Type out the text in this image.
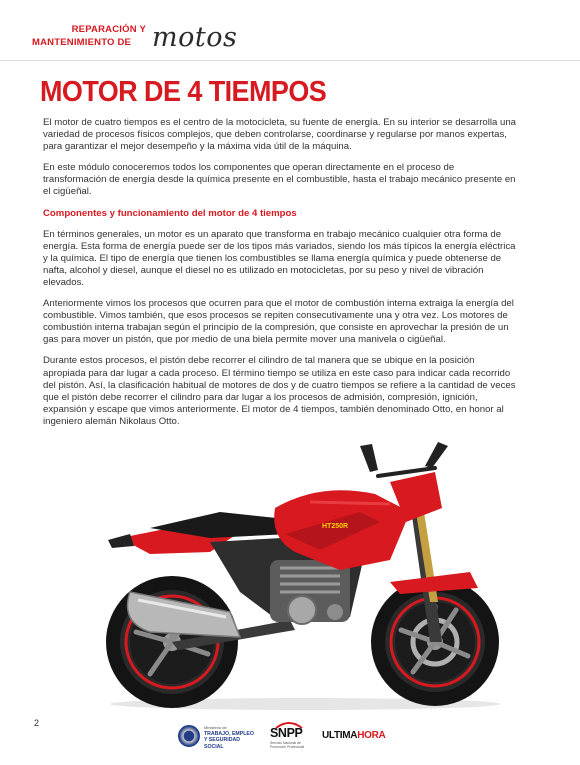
REPARACIÓN Y
MANTENIMIENTO DE motos
MOTOR DE 4 TIEMPOS

El motor de cuatro tiempos es el centro de la motocicleta, su fuente de energía. En su interior se desarrolla una variedad de procesos físicos complejos, que deben controlarse, coordinarse y regularse por manos expertas, para garantizar el mejor desempeño y la máxima vida útil de la máquina.

En este módulo conoceremos todos los componentes que operan directamente en el proceso de transformación de energía desde la química presente en el combustible, hasta el trabajo mecánico presente en el cigüeñal.

Componentes y funcionamiento del motor de 4 tiempos

En términos generales, un motor es un aparato que transforma en trabajo mecánico cualquier otra forma de energía. Esta forma de energía puede ser de los tipos más variados, siendo los más típicos la energía eléctrica y la química. El tipo de energía que tienen los combustibles se llama energía química y puede obtenerse de nafta, alcohol y diesel, aunque el diesel no es utilizado en motocicletas, por su peso y nivel de vibración elevados.

Anteriormente vimos los procesos que ocurren para que el motor de combustión interna extraiga la energía del combustible. Vimos también, que esos procesos se repiten consecutivamente una y otra vez. Los motores de combustión interna trabajan según el principio de la compresión, que consiste en aprovechar la presión de un gas para mover un pistón, que por medio de una biela permite mover una manivela o cigüeñal.

Durante estos procesos, el pistón debe recorrer el cilindro de tal manera que se ubique en la posición apropiada para dar lugar a cada proceso. El término tiempo se utiliza en este caso para indicar cada recorrido del pistón. Así, la clasificación habitual de motores de dos y de cuatro tiempos se refiere a la cantidad de veces que el pistón debe recorrer el cilindro para dar lugar a los procesos de admisión, compresión, ignición, expansión y escape que vimos anteriormente. El motor de 4 tiempos, también denominado Otto, en honor al ingeniero alemán Nikolaus Otto.

HT250R
2	Ministerio de
TRABAJO, EMPLEO Y SEGURIDAD SOCIAL
SNPP
Servicio Nacional de Promoción Profesional
ULTIMAHORA
